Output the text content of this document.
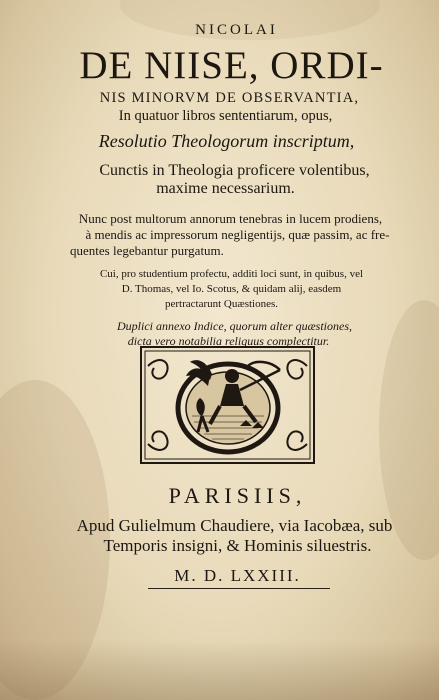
NICOLAI

DE NIISE, ORDI-

NIS MINORVM DE OBSERVANTIA,

In quatuor libros sententiarum, opus,

Resolutio Theologorum inscriptum,

Cunctis in Theologia proficere volentibus,

maxime necessarium.

Nunc post multorum annorum tenebras in lucem prodiens,

à mendis ac impressorum negligentijs, quæ passim, ac fre-

quentes legebantur purgatum.

Cui, pro studentium profectu, additi loci sunt, in quibus, vel

D. Thomas, vel Io. Scotus, & quidam alij, easdem

pertractarunt Quæstiones.

Duplici annexo Indice, quorum alter quæstiones,

dicta vero notabilia reliquus complectitur.

PARISIIS,

Apud Gulielmum Chaudiere, via Iacobæa, sub

Temporis insigni, & Hominis siluestris.

M. D. LXXIII.
